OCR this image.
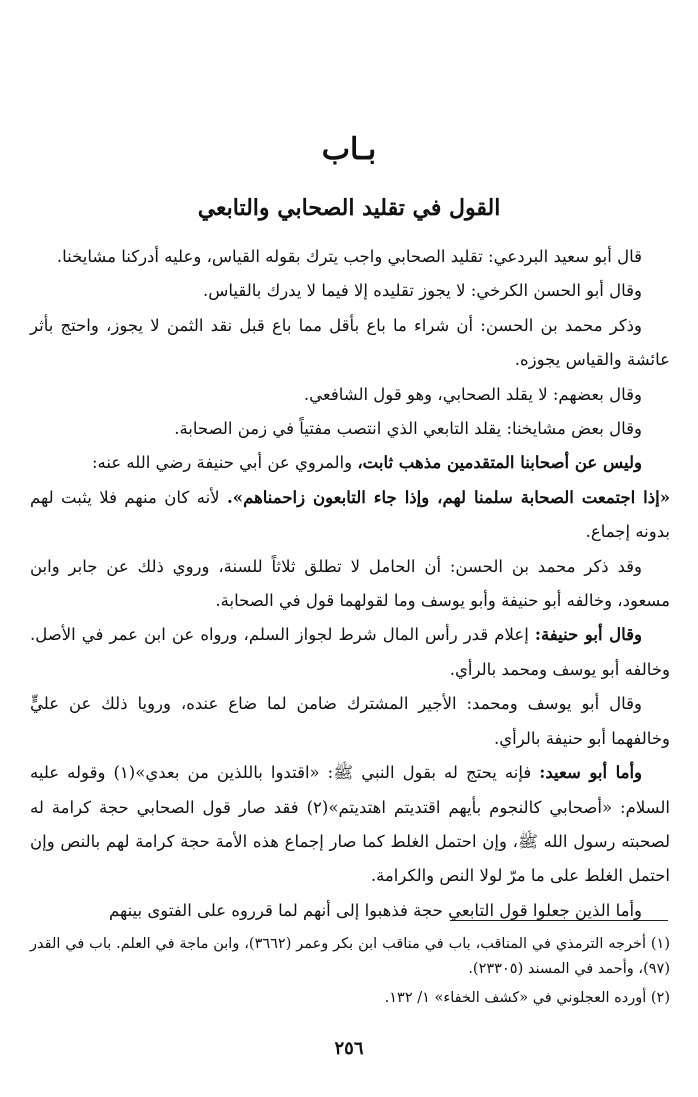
بـاب
القول في تقليد الصحابي والتابعي

قال أبو سعيد البردعي: تقليد الصحابي واجب يترك بقوله القياس، وعليه أدركنا مشايخنا.

وقال أبو الحسن الكرخي: لا يجوز تقليده إلا فيما لا يدرك بالقياس.

وذكر محمد بن الحسن: أن شراء ما باع بأقل مما باع قبل نقد الثمن لا يجوز، واحتج بأثر عائشة والقياس يجوزه.

وقال بعضهم: لا يقلد الصحابي، وهو قول الشافعي.

وقال بعض مشايخنا: يقلد التابعي الذي انتصب مفتياً في زمن الصحابة.

وليس عن أصحابنا المتقدمين مذهب ثابت، والمروي عن أبي حنيفة رضي الله عنه:

«إذا اجتمعت الصحابة سلمنا لهم، وإذا جاء التابعون زاحمناهم». لأنه كان منهم فلا يثبت لهم بدونه إجماع.

وقد ذكر محمد بن الحسن: أن الحامل لا تطلق ثلاثاً للسنة، وروي ذلك عن جابر وابن مسعود، وخالفه أبو حنيفة وأبو يوسف وما لقولهما قول في الصحابة.

وقال أبو حنيفة: إعلام قدر رأس المال شرط لجواز السلم، ورواه عن ابن عمر في الأصل. وخالفه أبو يوسف ومحمد بالرأي.

وقال أبو يوسف ومحمد: الأجير المشترك ضامن لما ضاع عنده، ورويا ذلك عن عليٍّ وخالفهما أبو حنيفة بالرأي.

وأما أبو سعيد: فإنه يحتج له بقول النبي ﷺ: «اقتدوا باللذين من بعدي»(١) وقوله عليه السلام: «أصحابي كالنجوم بأيهم اقتديتم اهتديتم»(٢) فقد صار قول الصحابي حجة كرامة له لصحبته رسول الله ﷺ، وإن احتمل الغلط كما صار إجماع هذه الأمة حجة كرامة لهم بالنص وإن احتمل الغلط على ما مرّ لولا النص والكرامة.

وأما الذين جعلوا قول التابعي حجة فذهبوا إلى أنهم لما قرروه على الفتوى بينهم

(١) أخرجه الترمذي في المناقب، باب في مناقب ابن بكر وعمر (٣٦٦٢)، وابن ماجة في العلم. باب في القدر (٩٧)، وأحمد في المسند (٢٣٣٠٥).

(٢) أورده العجلوني في «كشف الخفاء» ١/ ١٣٢.

٢٥٦
